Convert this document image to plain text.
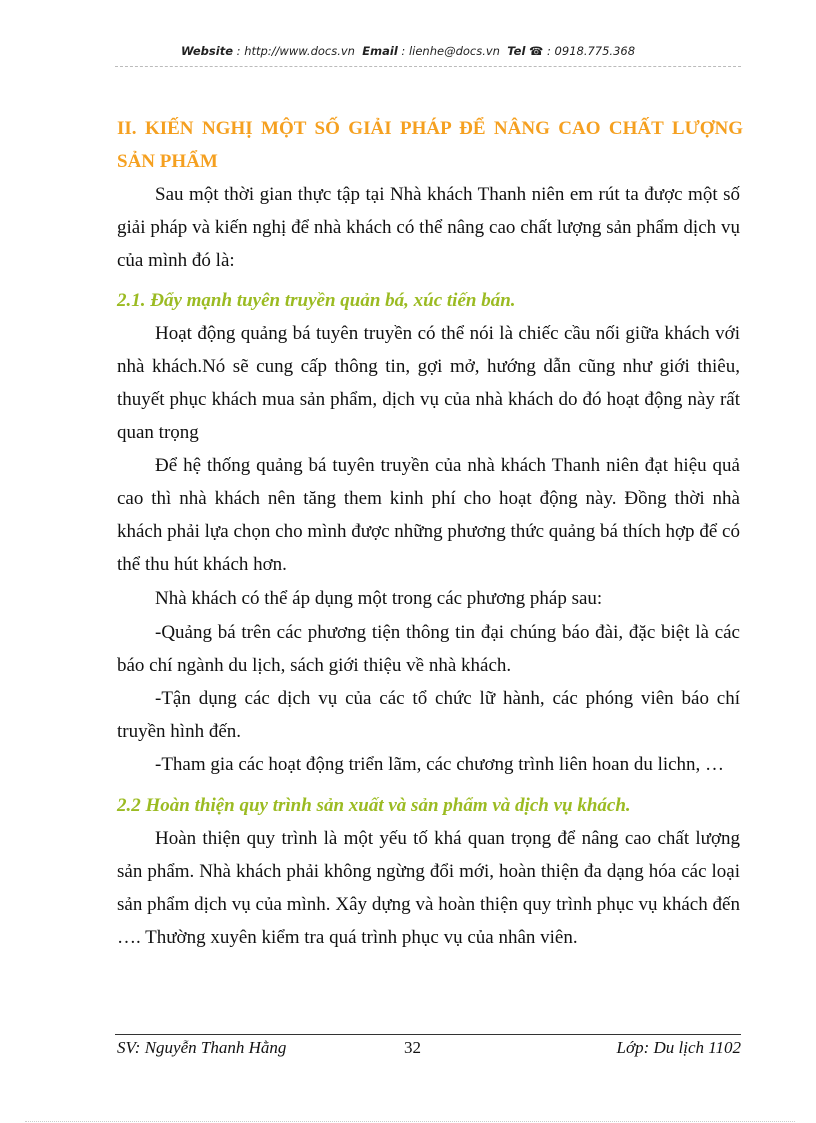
Website : http://www.docs.vn Email : lienhe@docs.vn Tel ☎ : 0918.775.368
II. KIẾN NGHỊ MỘT SỐ GIẢI PHÁP ĐỂ NÂNG CAO CHẤT LƯỢNG SẢN PHẨM
Sau một thời gian thực tập tại Nhà khách Thanh niên em rút ta được một số giải pháp và kiến nghị để nhà khách có thể nâng cao chất lượng sản phẩm dịch vụ của mình đó là:
2.1. Đẩy mạnh tuyên truyền quản bá, xúc tiến bán.
Hoạt động quảng bá tuyên truyền có thể nói là chiếc cầu nối giữa khách với nhà khách.Nó sẽ cung cấp thông tin, gợi mở, hướng dẫn cũng như giới thiêu, thuyết phục khách mua sản phẩm, dịch vụ của nhà khách do đó hoạt động này rất quan trọng
Để hệ thống quảng bá tuyên truyền của nhà khách Thanh niên đạt hiệu quả cao thì nhà khách nên tăng them kinh phí cho hoạt động này. Đồng thời nhà khách phải lựa chọn cho mình được những phương thức quảng bá thích hợp để có thể thu hút khách hơn.
Nhà khách có thể áp dụng một trong các phương pháp sau:
-Quảng bá trên các phương tiện thông tin đại chúng báo đài, đặc biệt là các báo chí ngành du lịch, sách giới thiệu về nhà khách.
-Tận dụng các dịch vụ của các tổ chức lữ hành, các phóng viên báo chí truyền hình đến.
-Tham gia các hoạt động triển lãm, các chương trình liên hoan du lichn, …
2.2 Hoàn thiện quy trình sản xuất và sản phẩm và dịch vụ khách.
Hoàn thiện quy trình là một yếu tố khá quan trọng để nâng cao chất lượng sản phẩm. Nhà khách phải không ngừng đổi mới, hoàn thiện đa dạng hóa các loại sản phẩm dịch vụ của mình. Xây dựng và hoàn thiện quy trình phục vụ khách đến …. Thường xuyên kiểm tra quá trình phục vụ của nhân viên.
SV: Nguyễn Thanh Hằng	32	Lớp: Du lịch 1102
